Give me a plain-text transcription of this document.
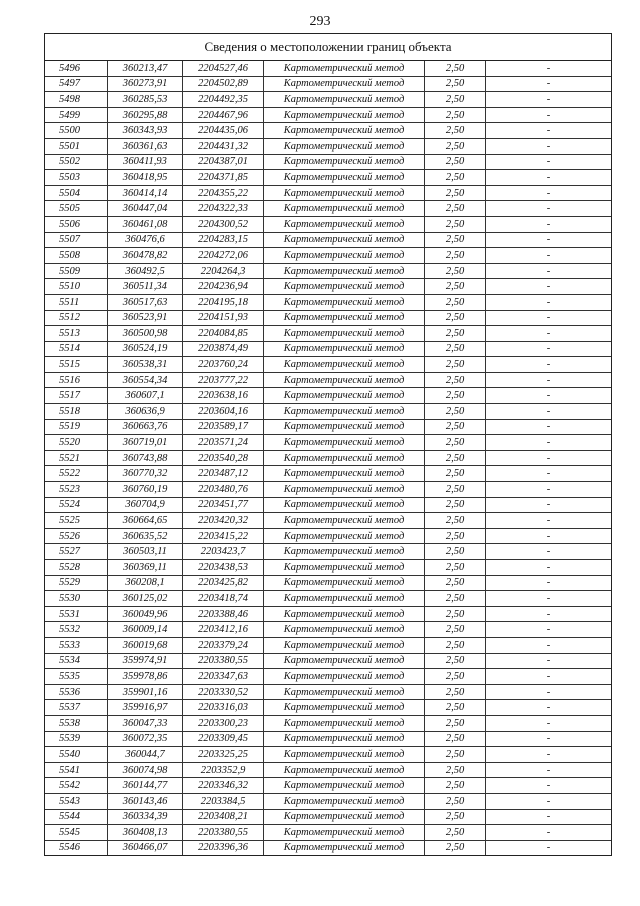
293
Сведения о местоположении границ объекта
5496	360213,47	2204527,46	Картометрический метод	2,50	-
5497	360273,91	2204502,89	Картометрический метод	2,50	-
5498	360285,53	2204492,35	Картометрический метод	2,50	-
5499	360295,88	2204467,96	Картометрический метод	2,50	-
5500	360343,93	2204435,06	Картометрический метод	2,50	-
5501	360361,63	2204431,32	Картометрический метод	2,50	-
5502	360411,93	2204387,01	Картометрический метод	2,50	-
5503	360418,95	2204371,85	Картометрический метод	2,50	-
5504	360414,14	2204355,22	Картометрический метод	2,50	-
5505	360447,04	2204322,33	Картометрический метод	2,50	-
5506	360461,08	2204300,52	Картометрический метод	2,50	-
5507	360476,6	2204283,15	Картометрический метод	2,50	-
5508	360478,82	2204272,06	Картометрический метод	2,50	-
5509	360492,5	2204264,3	Картометрический метод	2,50	-
5510	360511,34	2204236,94	Картометрический метод	2,50	-
5511	360517,63	2204195,18	Картометрический метод	2,50	-
5512	360523,91	2204151,93	Картометрический метод	2,50	-
5513	360500,98	2204084,85	Картометрический метод	2,50	-
5514	360524,19	2203874,49	Картометрический метод	2,50	-
5515	360538,31	2203760,24	Картометрический метод	2,50	-
5516	360554,34	2203777,22	Картометрический метод	2,50	-
5517	360607,1	2203638,16	Картометрический метод	2,50	-
5518	360636,9	2203604,16	Картометрический метод	2,50	-
5519	360663,76	2203589,17	Картометрический метод	2,50	-
5520	360719,01	2203571,24	Картометрический метод	2,50	-
5521	360743,88	2203540,28	Картометрический метод	2,50	-
5522	360770,32	2203487,12	Картометрический метод	2,50	-
5523	360760,19	2203480,76	Картометрический метод	2,50	-
5524	360704,9	2203451,77	Картометрический метод	2,50	-
5525	360664,65	2203420,32	Картометрический метод	2,50	-
5526	360635,52	2203415,22	Картометрический метод	2,50	-
5527	360503,11	2203423,7	Картометрический метод	2,50	-
5528	360369,11	2203438,53	Картометрический метод	2,50	-
5529	360208,1	2203425,82	Картометрический метод	2,50	-
5530	360125,02	2203418,74	Картометрический метод	2,50	-
5531	360049,96	2203388,46	Картометрический метод	2,50	-
5532	360009,14	2203412,16	Картометрический метод	2,50	-
5533	360019,68	2203379,24	Картометрический метод	2,50	-
5534	359974,91	2203380,55	Картометрический метод	2,50	-
5535	359978,86	2203347,63	Картометрический метод	2,50	-
5536	359901,16	2203330,52	Картометрический метод	2,50	-
5537	359916,97	2203316,03	Картометрический метод	2,50	-
5538	360047,33	2203300,23	Картометрический метод	2,50	-
5539	360072,35	2203309,45	Картометрический метод	2,50	-
5540	360044,7	2203325,25	Картометрический метод	2,50	-
5541	360074,98	2203352,9	Картометрический метод	2,50	-
5542	360144,77	2203346,32	Картометрический метод	2,50	-
5543	360143,46	2203384,5	Картометрический метод	2,50	-
5544	360334,39	2203408,21	Картометрический метод	2,50	-
5545	360408,13	2203380,55	Картометрический метод	2,50	-
5546	360466,07	2203396,36	Картометрический метод	2,50	-
